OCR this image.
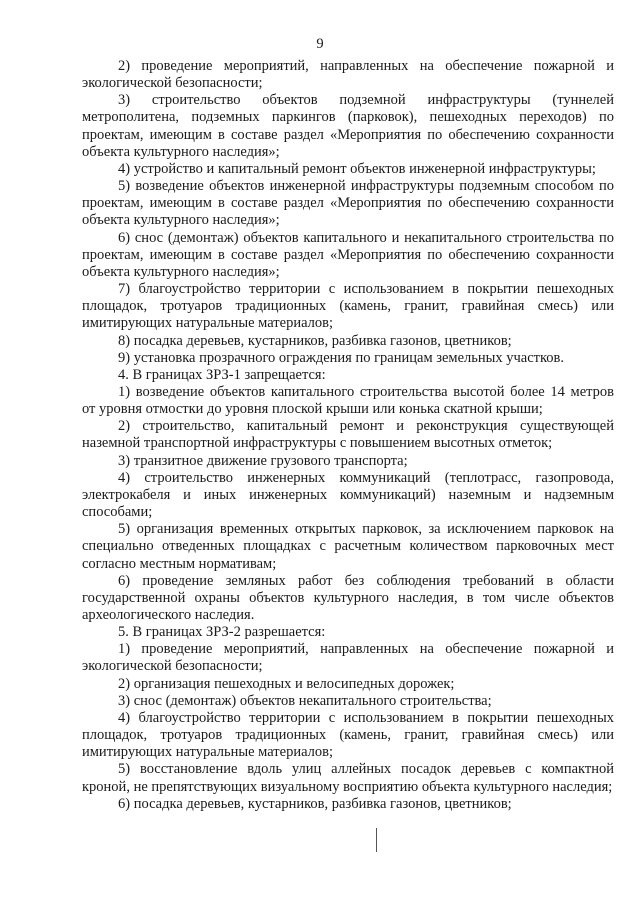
9

2) проведение мероприятий, направленных на обеспечение пожарной и экологической безопасности;

3) строительство объектов подземной инфраструктуры (туннелей метрополитена, подземных паркингов (парковок), пешеходных переходов) по проектам, имеющим в составе раздел «Мероприятия по обеспечению сохранности объекта культурного наследия»;

4) устройство и капитальный ремонт объектов инженерной инфраструктуры;

5) возведение объектов инженерной инфраструктуры подземным способом по проектам, имеющим в составе раздел «Мероприятия по обеспечению сохранности объекта культурного наследия»;

6) снос (демонтаж) объектов капитального и некапитального строительства по проектам, имеющим в составе раздел «Мероприятия по обеспечению сохранности объекта культурного наследия»;

7) благоустройство территории с использованием в покрытии пешеходных площадок, тротуаров традиционных (камень, гранит, гравийная смесь) или имитирующих натуральные материалов;

8) посадка деревьев, кустарников, разбивка газонов, цветников;

9) установка прозрачного ограждения по границам земельных участков.

4. В границах ЗРЗ-1 запрещается:

1) возведение объектов капитального строительства высотой более 14 метров от уровня отмостки до уровня плоской крыши или конька скатной крыши;

2) строительство, капитальный ремонт и реконструкция существующей наземной транспортной инфраструктуры с повышением высотных отметок;

3) транзитное движение грузового транспорта;

4) строительство инженерных коммуникаций (теплотрасс, газопровода, электрокабеля и иных инженерных коммуникаций) наземным и надземным способами;

5) организация временных открытых парковок, за исключением парковок на специально отведенных площадках с расчетным количеством парковочных мест согласно местным нормативам;

6) проведение земляных работ без соблюдения требований в области государственной охраны объектов культурного наследия, в том числе объектов археологического наследия.

5. В границах ЗРЗ-2 разрешается:

1) проведение мероприятий, направленных на обеспечение пожарной и экологической безопасности;

2) организация пешеходных и велосипедных дорожек;

3) снос (демонтаж) объектов некапитального строительства;

4) благоустройство территории с использованием в покрытии пешеходных площадок, тротуаров традиционных (камень, гранит, гравийная смесь) или имитирующих натуральные материалов;

5) восстановление вдоль улиц аллейных посадок деревьев с компактной кроной, не препятствующих визуальному восприятию объекта культурного наследия;

6) посадка деревьев, кустарников, разбивка газонов, цветников;
